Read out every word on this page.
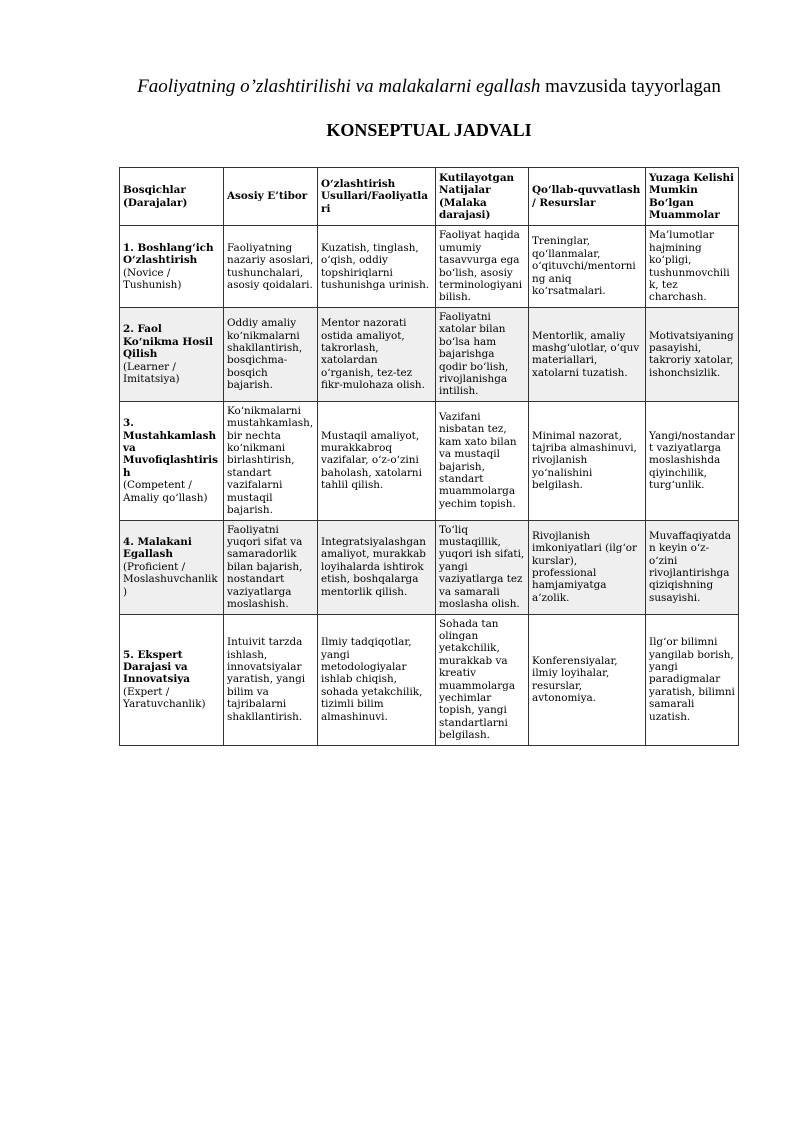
Faoliyatning o’zlashtirilishi va malakalarni egallash mavzusida tayyorlagan
KONSEPTUAL JADVALI
Bosqichlar (Darajalar)	Asosiy E’tibor	O‘zlashtirish Usullari/Faoliyatlari	Kutilayotgan Natijalar (Malaka darajasi)	Qo‘llab-quvvatlash / Resurslar	Yuzaga Kelishi Mumkin Bo‘lgan Muammolar

1. Boshlang‘ich O‘zlashtirish
(Novice / Tushunish)	Faoliyatning nazariy asoslari, tushunchalari, asosiy qoidalari.	Kuzatish, tinglash, o‘qish, oddiy topshiriqlarni tushunishga urinish.	Faoliyat haqida umumiy tasavvurga ega bo‘lish, asosiy terminologiyani bilish.	Treninglar, qo‘llanmalar, o‘qituvchi/mentorning aniq ko‘rsatmalari.	Ma’lumotlar hajmining ko‘pligi, tushunmovchilik, tez charchash.

2. Faol Ko‘nikma Hosil Qilish
(Learner / Imitatsiya)	Oddiy amaliy ko‘nikmalarni shakllantirish, bosqichma-bosqich bajarish.	Mentor nazorati ostida amaliyot, takrorlash, xatolardan o‘rganish, tez-tez fikr-mulohaza olish.	Faoliyatni xatolar bilan bo‘lsa ham bajarishga qodir bo‘lish, rivojlanishga intilish.	Mentorlik, amaliy mashg‘ulotlar, o‘quv materiallari, xatolarni tuzatish.	Motivatsiyaning pasayishi, takroriy xatolar, ishonchsizlik.

3. Mustahkamlash va Muvofiqlashtirish
(Competent / Amaliy qo‘llash)	Ko‘nikmalarni mustahkamlash, bir nechta ko‘nikmani birlashtirish, standart vazifalarni mustaqil bajarish.	Mustaqil amaliyot, murakkabroq vazifalar, o‘z-o‘zini baholash, xatolarni tahlil qilish.	Vazifani nisbatan tez, kam xato bilan va mustaqil bajarish, standart muammolarga yechim topish.	Minimal nazorat, tajriba almashinuvi, rivojlanish yo‘nalishini belgilash.	Yangi/nostandart vaziyatlarga moslashishda qiyinchilik, turg‘unlik.

4. Malakani Egallash
(Proficient / Moslashuvchanlik)	Faoliyatni yuqori sifat va samaradorlik bilan bajarish, nostandart vaziyatlarga moslashish.	Integratsiyalashgan amaliyot, murakkab loyihalarda ishtirok etish, boshqalarga mentorlik qilish.	To‘liq mustaqillik, yuqori ish sifati, yangi vaziyatlarga tez va samarali moslasha olish.	Rivojlanish imkoniyatlari (ilg‘or kurslar), professional hamjamiyatga a’zolik.	Muvaffaqiyatdan keyin o‘z-o‘zini rivojlantirishga qiziqishning susayishi.

5. Ekspert Darajasi va Innovatsiya
(Expert / Yaratuvchanlik)	Intuivit tarzda ishlash, innovatsiyalar yaratish, yangi bilim va tajribalarni shakllantirish.	Ilmiy tadqiqotlar, yangi metodologiyalar ishlab chiqish, sohada yetakchilik, tizimli bilim almashinuvi.	Sohada tan olingan yetakchilik, murakkab va kreativ muammolarga yechimlar topish, yangi standartlarni belgilash.	Konferensiyalar, ilmiy loyihalar, resurslar, avtonomiya.	Ilg‘or bilimni yangilab borish, yangi paradigmalar yaratish, bilimni samarali uzatish.
